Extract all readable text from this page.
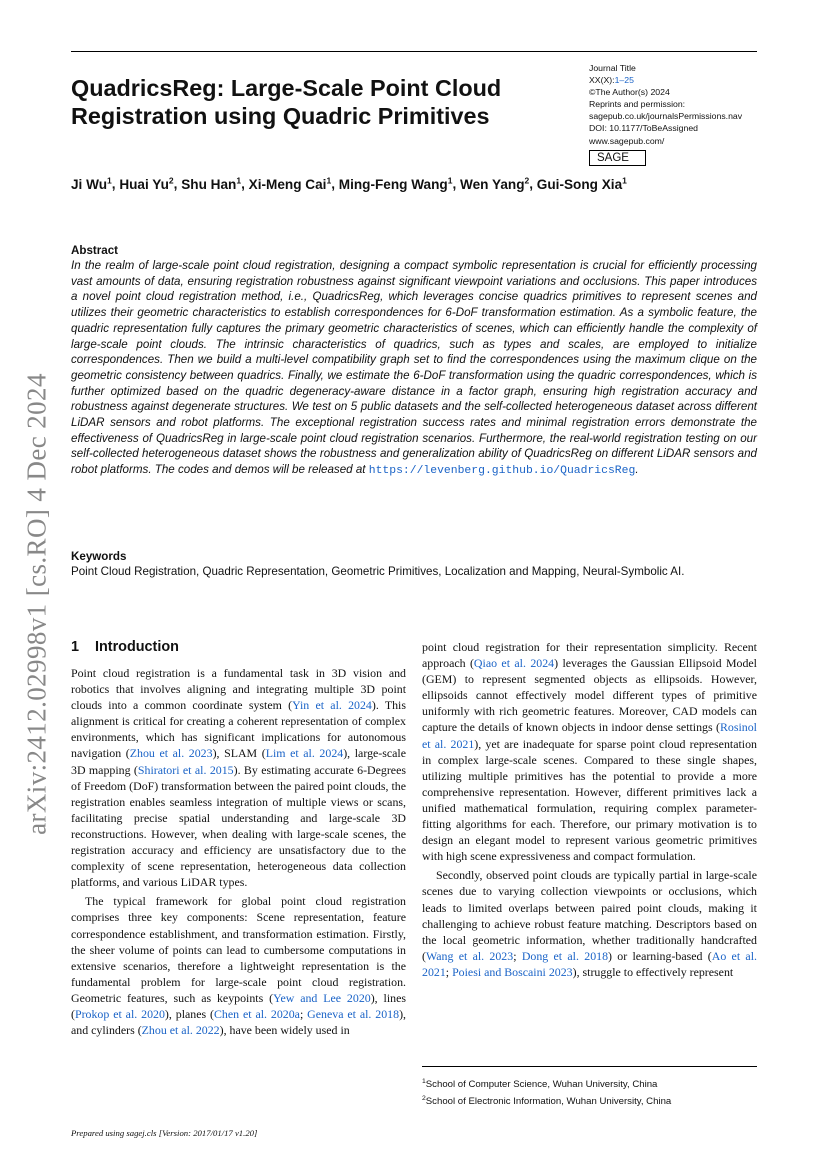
QuadricsReg: Large-Scale Point Cloud Registration using Quadric Primitives
Journal Title
XX(X):1–25
©The Author(s) 2024
Reprints and permission:
sagepub.co.uk/journalsPermissions.nav
DOI: 10.1177/ToBeAssigned
www.sagepub.com/
SAGE
Ji Wu$^1$, Huai Yu$^2$, Shu Han$^1$, Xi-Meng Cai$^1$, Ming-Feng Wang$^1$, Wen Yang$^2$, Gui-Song Xia$^1$
Abstract

In the realm of large-scale point cloud registration, designing a compact symbolic representation is crucial for efficiently processing vast amounts of data, ensuring registration robustness against significant viewpoint variations and occlusions. This paper introduces a novel point cloud registration method, i.e., QuadricsReg, which leverages concise quadrics primitives to represent scenes and utilizes their geometric characteristics to establish correspondences for 6-DoF transformation estimation. As a symbolic feature, the quadric representation fully captures the primary geometric characteristics of scenes, which can efficiently handle the complexity of large-scale point clouds. The intrinsic characteristics of quadrics, such as types and scales, are employed to initialize correspondences. Then we build a multi-level compatibility graph set to find the correspondences using the maximum clique on the geometric consistency between quadrics. Finally, we estimate the 6-DoF transformation using the quadric correspondences, which is further optimized based on the quadric degeneracy-aware distance in a factor graph, ensuring high registration accuracy and robustness against degenerate structures. We test on 5 public datasets and the self-collected heterogeneous dataset across different LiDAR sensors and robot platforms. The exceptional registration success rates and minimal registration errors demonstrate the effectiveness of QuadricsReg in large-scale point cloud registration scenarios. Furthermore, the real-world registration testing on our self-collected heterogeneous dataset shows the robustness and generalization ability of QuadricsReg on different LiDAR sensors and robot platforms. The codes and demos will be released at https://levenberg.github.io/QuadricsReg.

Keywords

Point Cloud Registration, Quadric Representation, Geometric Primitives, Localization and Mapping, Neural-Symbolic AI.

arXiv:2412.02998v1 [cs.RO] 4 Dec 2024 1 Introduction

Point cloud registration is a fundamental task in 3D vision and robotics that involves aligning and integrating multiple 3D point clouds into a common coordinate system (Yin et al. 2024). This alignment is critical for creating a coherent representation of complex environments, which has significant implications for autonomous navigation (Zhou et al. 2023), SLAM (Lim et al. 2024), large-scale 3D mapping (Shiratori et al. 2015). By estimating accurate 6-Degrees of Freedom (DoF) transformation between the paired point clouds, the registration enables seamless integration of multiple views or scans, facilitating precise spatial understanding and large-scale 3D reconstructions. However, when dealing with large-scale scenes, the registration accuracy and efficiency are unsatisfactory due to the complexity of scene representation, heterogeneous data collection platforms, and various LiDAR types.

The typical framework for global point cloud registration comprises three key components: Scene representation, feature correspondence establishment, and transformation estimation. Firstly, the sheer volume of points can lead to cumbersome computations in extensive scenarios, therefore a lightweight representation is the fundamental problem for large-scale point cloud registration. Geometric features, such as keypoints (Yew and Lee 2020), lines (Prokop et al. 2020), planes (Chen et al. 2020a; Geneva et al. 2018), and cylinders (Zhou et al. 2022), have been widely used in

point cloud registration for their representation simplicity. Recent approach (Qiao et al. 2024) leverages the Gaussian Ellipsoid Model (GEM) to represent segmented objects as ellipsoids. However, ellipsoids cannot effectively model different types of primitive uniformly with rich geometric features. Moreover, CAD models can capture the details of known objects in indoor dense settings (Rosinol et al. 2021), yet are inadequate for sparse point cloud representation in complex large-scale scenes. Compared to these single shapes, utilizing multiple primitives has the potential to provide a more comprehensive representation. However, different primitives lack a unified mathematical formulation, requiring complex parameter-fitting algorithms for each. Therefore, our primary motivation is to design an elegant model to represent various geometric primitives with high scene expressiveness and compact formulation.

Secondly, observed point clouds are typically partial in large-scale scenes due to varying collection viewpoints or occlusions, which leads to limited overlaps between paired point clouds, making it challenging to achieve robust feature matching. Descriptors based on the local geometric information, whether traditionally handcrafted (Wang et al. 2023; Dong et al. 2018) or learning-based (Ao et al. 2021; Poiesi and Boscaini 2023), struggle to effectively represent

$^1$School of Computer Science, Wuhan University, China
$^2$School of Electronic Information, Wuhan University, China
Prepared using sagej.cls [Version: 2017/01/17 v1.20]
